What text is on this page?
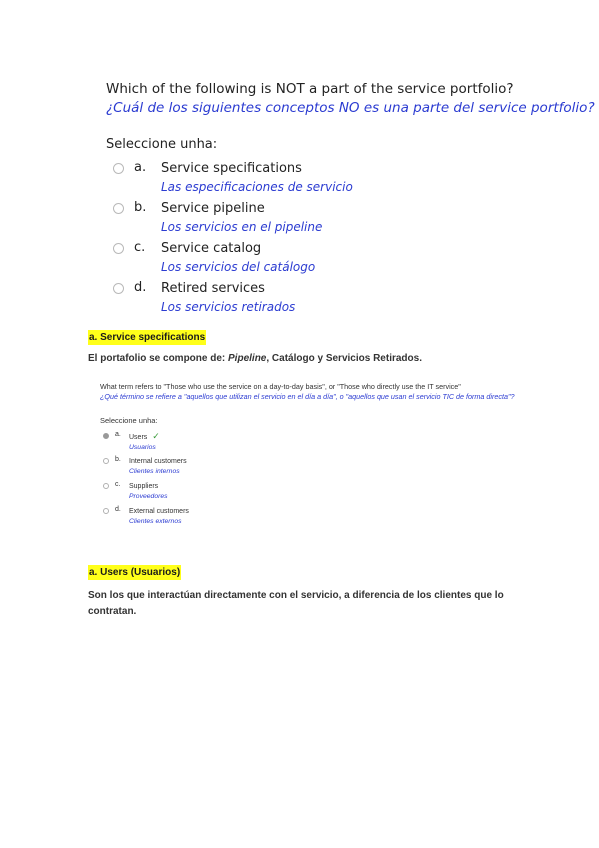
Which of the following is NOT a part of the service portfolio?
¿Cuál de los siguientes conceptos NO es una parte del service portfolio?
Seleccione unha:
a.	Service specifications
Las especificaciones de servicio
b.	Service pipeline
Los servicios en el pipeline
c.	Service catalog
Los servicios del catálogo
d.	Retired services
Los servicios retirados
a. Service specifications
El portafolio se compone de: Pipeline, Catálogo y Servicios Retirados.
What term refers to "Those who use the service on a day-to-day basis", or "Those who directly use the IT service"
¿Qué término se refiere a "aquellos que utilizan el servicio en el día a día", o "aquellos que usan el servicio TIC de forma directa"?
Seleccione unha:
a.	Users ✓
Usuarios
b.	Internal customers
Clientes internos
c.	Suppliers
Proveedores
d.	External customers
Clientes externos
a. Users (Usuarios)
Son los que interactúan directamente con el servicio, a diferencia de los clientes que lo
contratan.
